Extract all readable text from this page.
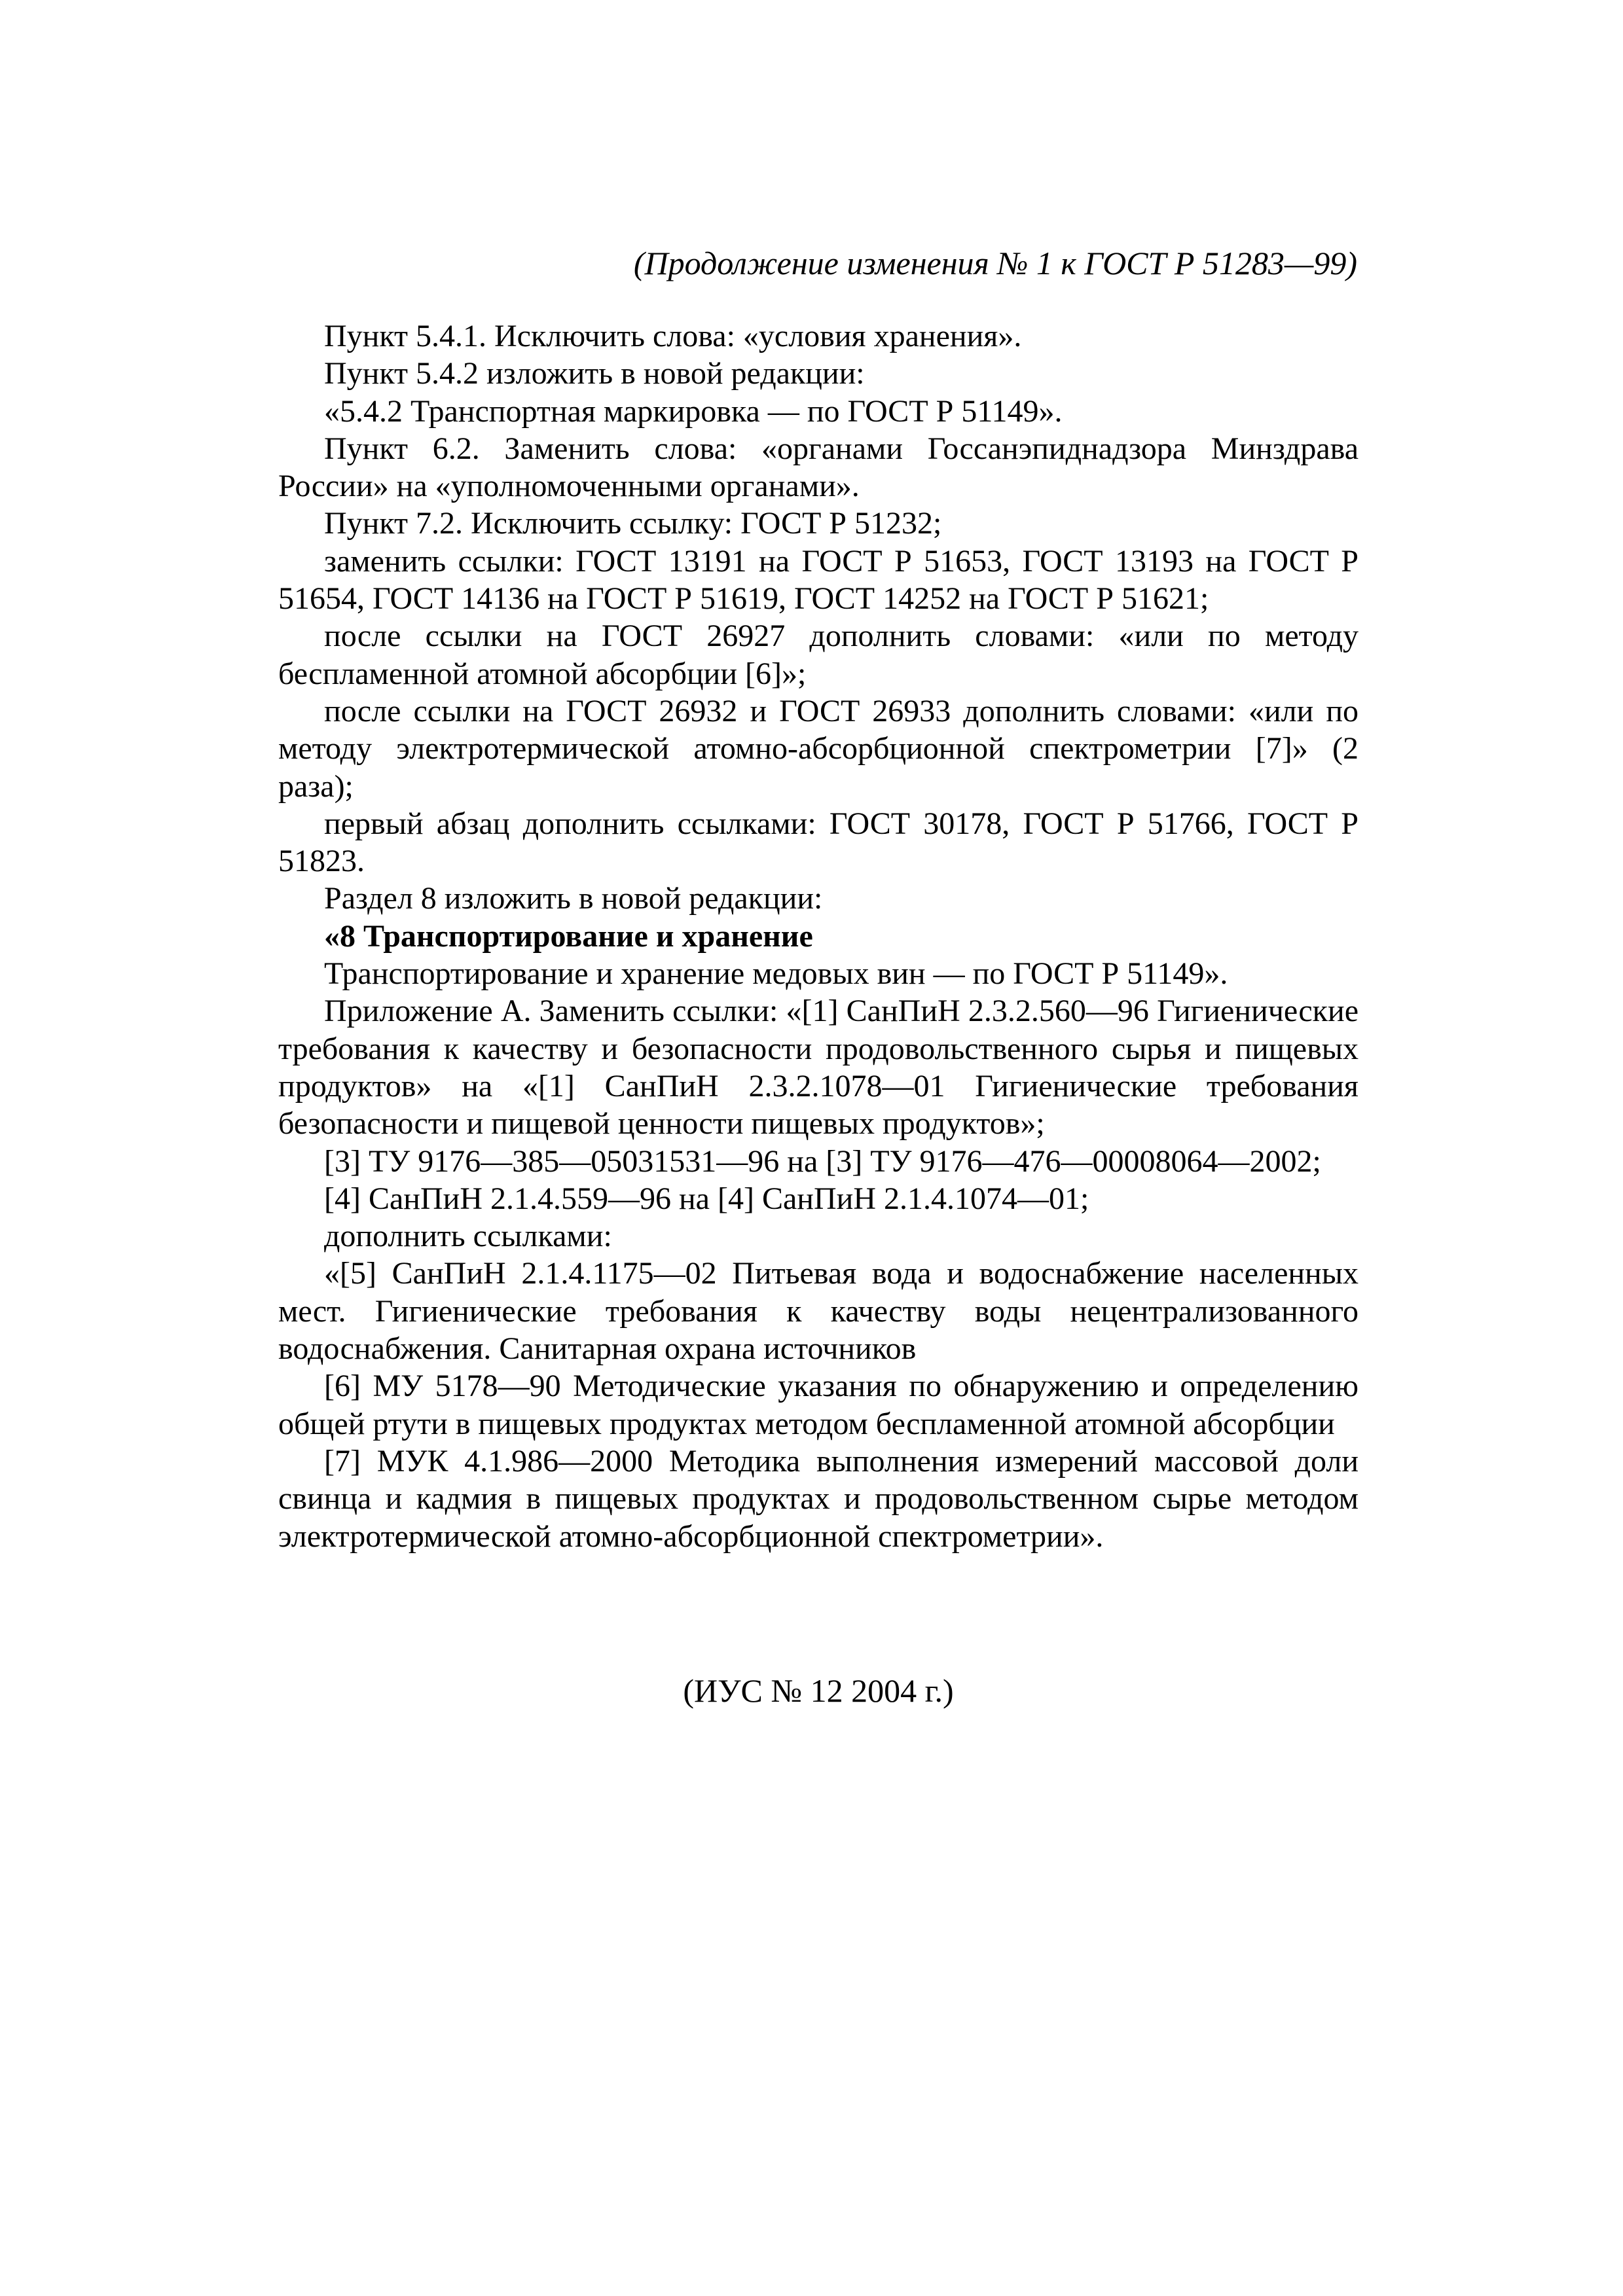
(Продолжение изменения № 1 к ГОСТ Р 51283—99)

Пункт 5.4.1. Исключить слова: «условия хранения».

Пункт 5.4.2 изложить в новой редакции:

«5.4.2 Транспортная маркировка — по ГОСТ Р 51149».

Пункт 6.2. Заменить слова: «органами Госсанэпиднадзора Минздрава России» на «уполномоченными органами».

Пункт 7.2. Исключить ссылку: ГОСТ Р 51232;

заменить ссылки: ГОСТ 13191 на ГОСТ Р 51653, ГОСТ 13193 на ГОСТ Р 51654, ГОСТ 14136 на ГОСТ Р 51619, ГОСТ 14252 на ГОСТ Р 51621;

после ссылки на ГОСТ 26927 дополнить словами: «или по методу беспламенной атомной абсорбции [6]»;

после ссылки на ГОСТ 26932 и ГОСТ 26933 дополнить словами: «или по методу электротермической атомно-абсорбционной спектрометрии [7]» (2 раза);

первый абзац дополнить ссылками: ГОСТ 30178, ГОСТ Р 51766, ГОСТ Р 51823.

Раздел 8 изложить в новой редакции:

«8 Транспортирование и хранение

Транспортирование и хранение медовых вин — по ГОСТ Р 51149».

Приложение А. Заменить ссылки: «[1] СанПиН 2.3.2.560—96 Гигиенические требования к качеству и безопасности продовольственного сырья и пищевых продуктов» на «[1] СанПиН 2.3.2.1078—01 Гигиенические требования безопасности и пищевой ценности пищевых продуктов»;

[3] ТУ 9176—385—05031531—96 на [3] ТУ 9176—476—00008064—2002;

[4] СанПиН 2.1.4.559—96 на [4] СанПиН 2.1.4.1074—01;

дополнить ссылками:

«[5] СанПиН 2.1.4.1175—02 Питьевая вода и водоснабжение населенных мест. Гигиенические требования к качеству воды нецентрализованного водоснабжения. Санитарная охрана источников

[6] МУ 5178—90 Методические указания по обнаружению и определению общей ртути в пищевых продуктах методом беспламенной атомной абсорбции

[7] МУК 4.1.986—2000 Методика выполнения измерений массовой доли свинца и кадмия в пищевых продуктах и продовольственном сырье методом электротермической атомно-абсорбционной спектрометрии».

(ИУС № 12 2004 г.)
